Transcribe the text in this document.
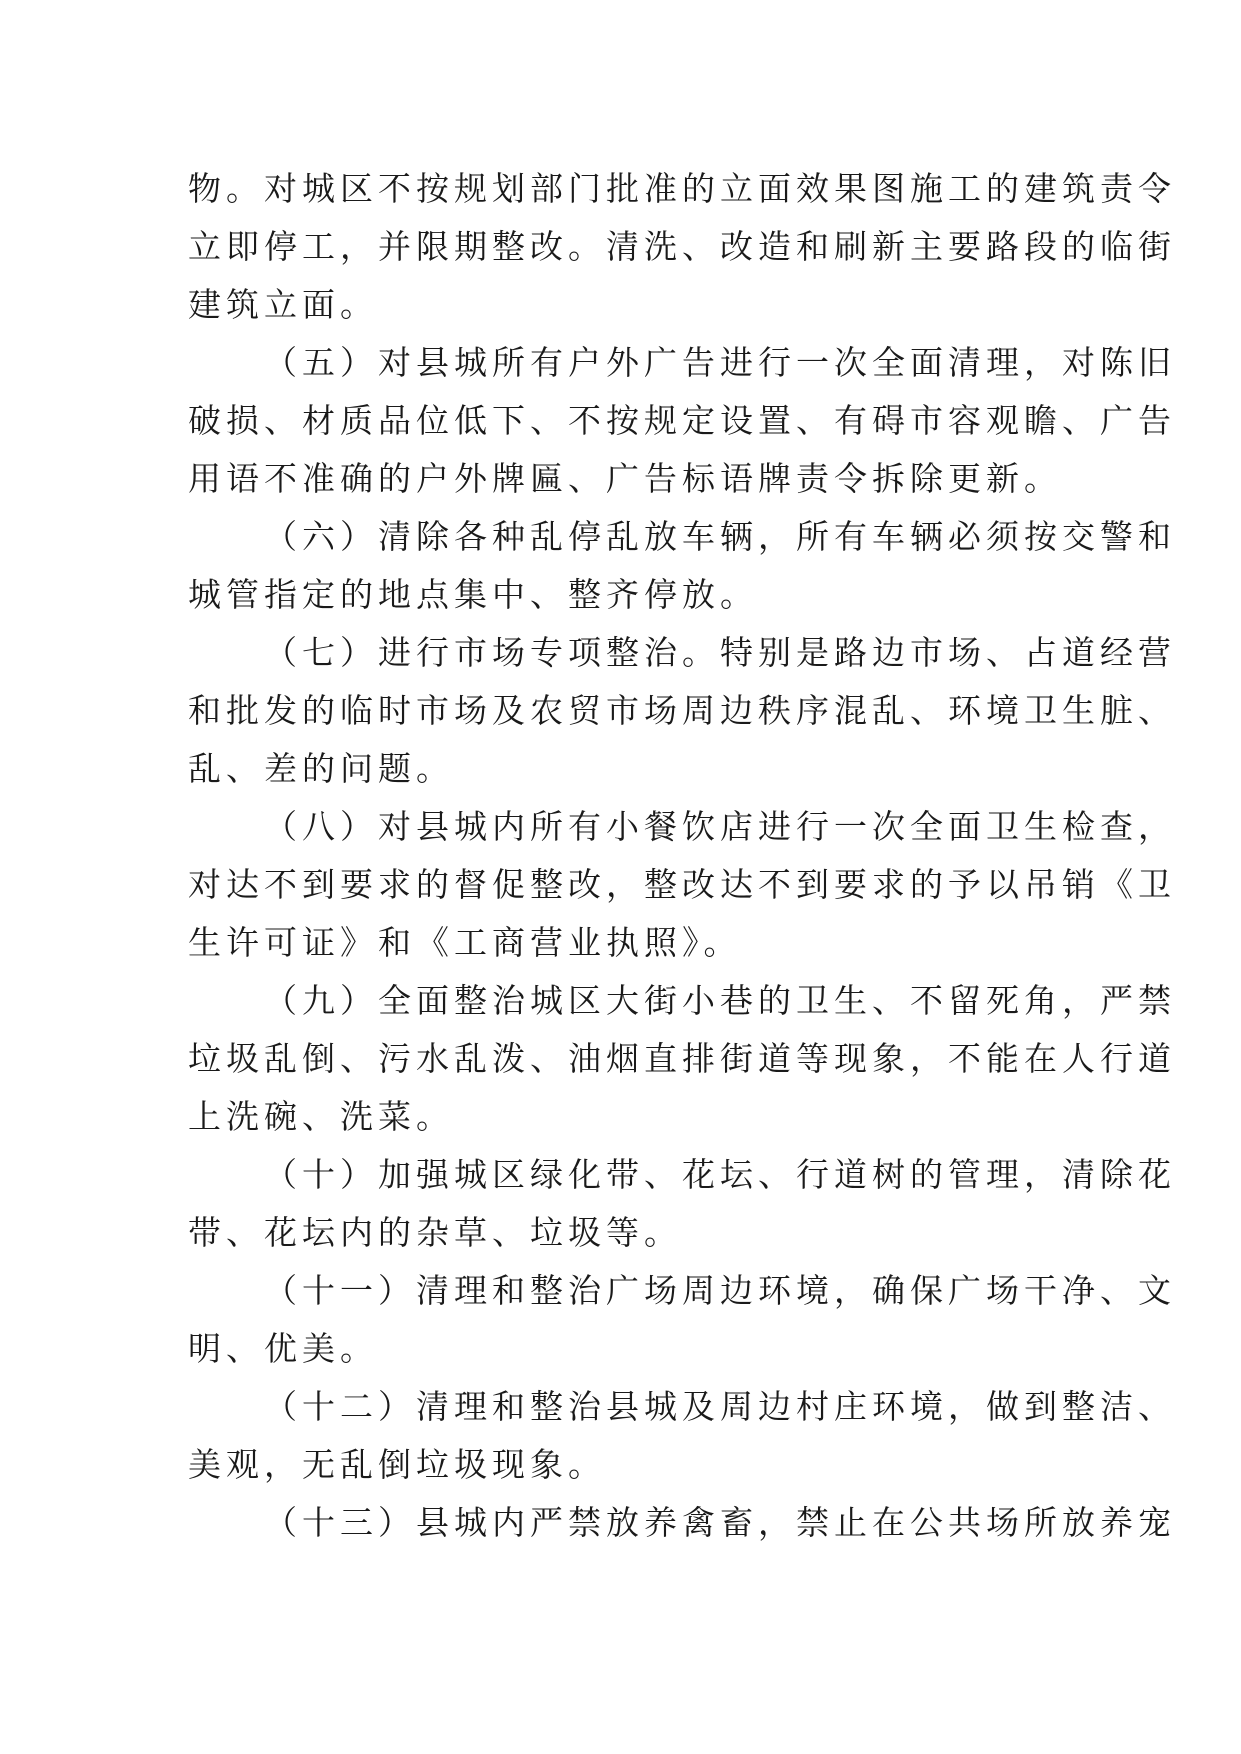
物。对城区不按规划部门批准的立面效果图施工的建筑责令
立即停工，并限期整改。清洗、改造和刷新主要路段的临街
建筑立面。
（五）对县城所有户外广告进行一次全面清理，对陈旧
破损、材质品位低下、不按规定设置、有碍市容观瞻、广告
用语不准确的户外牌匾、广告标语牌责令拆除更新。
（六）清除各种乱停乱放车辆，所有车辆必须按交警和
城管指定的地点集中、整齐停放。
（七）进行市场专项整治。特别是路边市场、占道经营
和批发的临时市场及农贸市场周边秩序混乱、环境卫生脏、
乱、差的问题。
（八）对县城内所有小餐饮店进行一次全面卫生检查，
对达不到要求的督促整改，整改达不到要求的予以吊销《卫
生许可证》和《工商营业执照》。
（九）全面整治城区大街小巷的卫生、不留死角，严禁
垃圾乱倒、污水乱泼、油烟直排街道等现象，不能在人行道
上洗碗、洗菜。
（十）加强城区绿化带、花坛、行道树的管理，清除花
带、花坛内的杂草、垃圾等。
（十一）清理和整治广场周边环境，确保广场干净、文
明、优美。
（十二）清理和整治县城及周边村庄环境，做到整洁、
美观，无乱倒垃圾现象。
（十三）县城内严禁放养禽畜，禁止在公共场所放养宠
